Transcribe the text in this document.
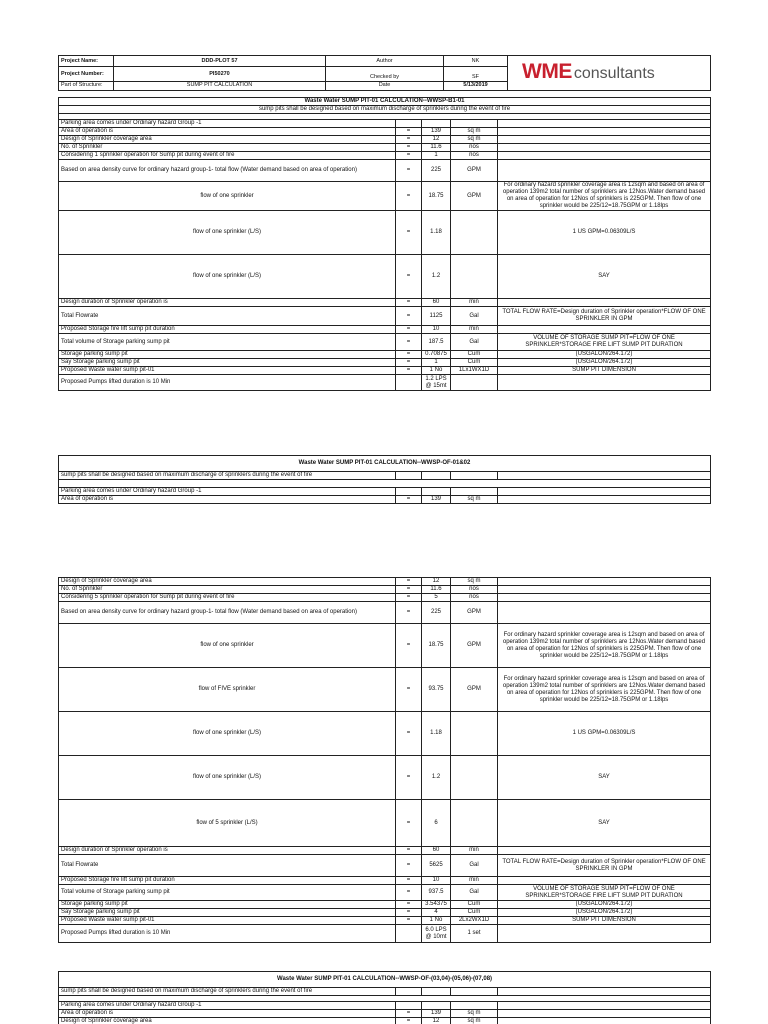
Project Name:	DDD-PLOT 57	Author	NK	
Project Number:	PI50270	Checked by	SF	
Part of Structure:	SUMP PIT CALCULATION	Date	5/13/2019	
WME consultants
Waste Water SUMP PIT-01 CALCULATION--WWSP-B1-01				
sump pits shall be designed based on maximum discharge of sprinklers during the event of fire				

Parking area comes under Ordinary hazard Group -1				
Area of operation is	=	139	sq m	
Design of Sprinkler coverage area	=	12	sq m	
No. of Sprinkler	=	11.6	nos	
Considering 1 sprinkler operation for Sump pit during event of fire	=	1	nos	
Based on area density curve for ordinary hazard group-1- total flow (Water demand based on area of operation)	=	225	GPM	
flow of one sprinkler	=	18.75	GPM	For ordinary hazard sprinkler coverage area is 12sqm and based on area of operation 139m2 total number of sprinklers are 12Nos.Water demand based on area of operation for 12Nos of sprinklers is 225GPM. Then flow of one sprinkler would be 225/12=18.75GPM or 1.18lps
flow of one sprinkler (L/S)	=	1.18		1 US GPM=0.06309L/S
flow of one sprinkler (L/S)	=	1.2		SAY
Design duration of Sprinkler operation is	=	60	min	
Total Flowrate	=	1125	Gal	TOTAL FLOW RATE=Design duration of Sprinkler operation*FLOW OF ONE SPRINKLER IN GPM
Proposed Storage fire lift sump pit duration	=	10	min	
Total volume of Storage parking sump pit	=	187.5	Gal	VOLUME OF STORAGE SUMP PIT=FLOW OF ONE SPRINKLER*STORAGE FIRE LIFT SUMP PIT DURATION
Storage parking sump pit	=	0.70875	Cum	(USGALON/264.172)
Say Storage parking sump pit	=	1	Cum	(USGALON/264.172)
Proposed Waste water sump pit-01	=	1 No	1Lx1WX1D	SUMP PIT DIMENSION
Proposed Pumps lifted duration is 10 Min		1.2 LPS @ 15mt		
Waste Water SUMP PIT-01 CALCULATION--WWSP-OF-01&02				
sump pits shall be designed based on maximum discharge of sprinklers during the event of fire				

Parking area comes under Ordinary hazard Group -1				
Area of operation is	=	139	sq m	
Design of Sprinkler coverage area	=	12	sq m	
No. of Sprinkler	=	11.6	nos	
Considering 5 sprinkler operation for Sump pit during event of fire	=	5	nos	
Based on area density curve for ordinary hazard group-1- total flow (Water demand based on area of operation)	=	225	GPM	
flow of one sprinkler	=	18.75	GPM	For ordinary hazard sprinkler coverage area is 12sqm and based on area of operation 139m2 total number of sprinklers are 12Nos.Water demand based on area of operation for 12Nos of sprinklers is 225GPM. Then flow of one sprinkler would be 225/12=18.75GPM or 1.18lps
flow of FIVE sprinkler	=	93.75	GPM	For ordinary hazard sprinkler coverage area is 12sqm and based on area of operation 139m2 total number of sprinklers are 12Nos.Water demand based on area of operation for 12Nos of sprinklers is 225GPM. Then flow of one sprinkler would be 225/12=18.75GPM or 1.18lps
flow of one sprinkler (L/S)	=	1.18		1 US GPM=0.06309L/S
flow of one sprinkler (L/S)	=	1.2		SAY
flow of 5 sprinkler (L/S)	=	6		SAY
Design duration of Sprinkler operation is	=	60	min	
Total Flowrate	=	5625	Gal	TOTAL FLOW RATE=Design duration of Sprinkler operation*FLOW OF ONE SPRINKLER IN GPM
Proposed Storage fire lift sump pit duration	=	10	min	
Total volume of Storage parking sump pit	=	937.5	Gal	VOLUME OF STORAGE SUMP PIT=FLOW OF ONE SPRINKLER*STORAGE FIRE LIFT SUMP PIT DURATION
Storage parking sump pit	=	3.54375	Cum	(USGALON/264.172)
Say Storage parking sump pit	=	4	Cum	(USGALON/264.172)
Proposed Waste water sump pit-01	=	1 No	2Lx2WX1D	SUMP PIT DIMENSION
Proposed Pumps lifted duration is 10 Min		6.0 LPS @ 10mt	1 set	
Waste Water SUMP PIT-01 CALCULATION--WWSP-OF-(03,04)-(05,06)-(07,08)				
sump pits shall be designed based on maximum discharge of sprinklers during the event of fire				

Parking area comes under Ordinary hazard Group -1				
Area of operation is	=	139	sq m	
Design of Sprinkler coverage area	=	12	sq m	
